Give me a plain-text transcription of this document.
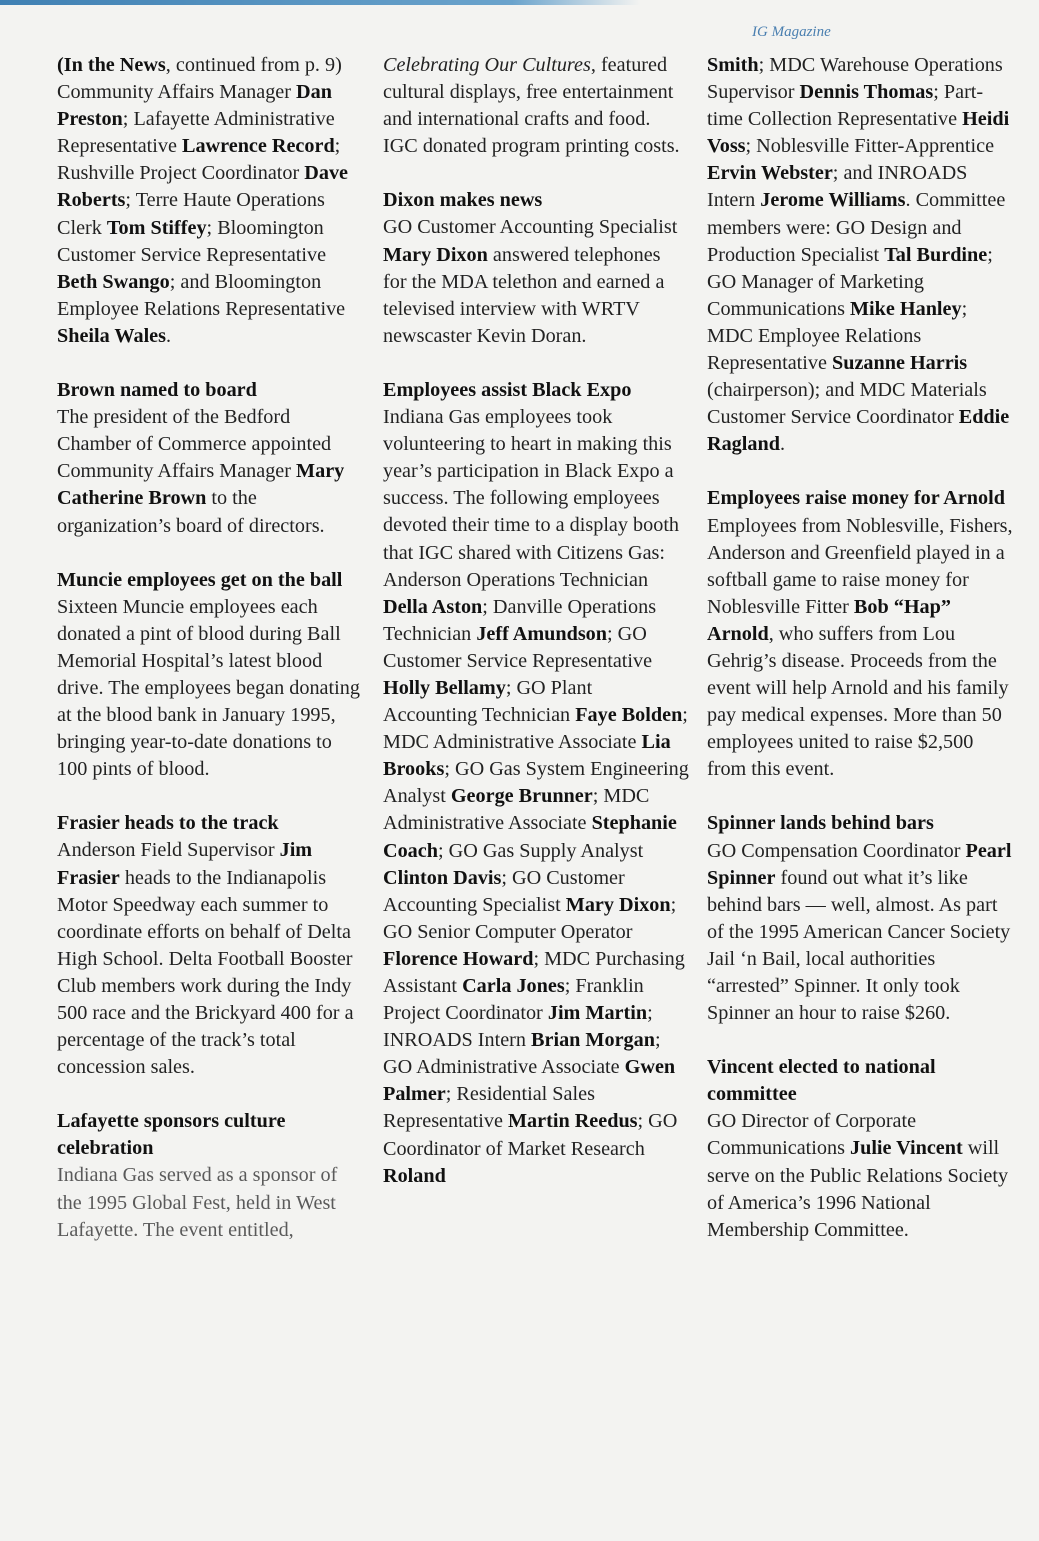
IG Magazine

(In the News, continued from p. 9) Community Affairs Manager Dan Preston; Lafayette Administrative Representative Lawrence Record; Rushville Project Coordinator Dave Roberts; Terre Haute Operations Clerk Tom Stiffey; Bloomington Customer Service Representative Beth Swango; and Bloomington Employee Relations Representative Sheila Wales.

Brown named to board
The president of the Bedford Chamber of Commerce appointed Community Affairs Manager Mary Catherine Brown to the organization’s board of directors.
Muncie employees get on the ball
Sixteen Muncie employees each donated a pint of blood during Ball Memorial Hospital’s latest blood drive. The employees began donating at the blood bank in January 1995, bringing year-to-date donations to 100 pints of blood.
Frasier heads to the track
Anderson Field Supervisor Jim Frasier heads to the Indianapolis Motor Speedway each summer to coordinate efforts on behalf of Delta High School. Delta Football Booster Club members work during the Indy 500 race and the Brickyard 400 for a percentage of the track’s total concession sales.
Lafayette sponsors culture celebration
Indiana Gas served as a sponsor of the 1995 Global Fest, held in West Lafayette. The event entitled,

Celebrating Our Cultures, featured cultural displays, free entertainment and international crafts and food. IGC donated program printing costs.

Dixon makes news
GO Customer Accounting Specialist Mary Dixon answered telephones for the MDA telethon and earned a televised interview with WRTV newscaster Kevin Doran.
Employees assist Black Expo
Indiana Gas employees took volunteering to heart in making this year’s participation in Black Expo a success. The following employees devoted their time to a display booth that IGC shared with Citizens Gas: Anderson Operations Technician Della Aston; Danville Operations Technician Jeff Amundson; GO Customer Service Representative Holly Bellamy; GO Plant Accounting Technician Faye Bolden; MDC Administrative Associate Lia Brooks; GO Gas System Engineering Analyst George Brunner; MDC Administrative Associate Stephanie Coach; GO Gas Supply Analyst Clinton Davis; GO Customer Accounting Specialist Mary Dixon; GO Senior Computer Operator Florence Howard; MDC Purchasing Assistant Carla Jones; Franklin Project Coordinator Jim Martin; INROADS Intern Brian Morgan; GO Administrative Associate Gwen Palmer; Residential Sales Representative Martin Reedus; GO Coordinator of Market Research Roland

Smith; MDC Warehouse Operations Supervisor Dennis Thomas; Part-time Collection Representative Heidi Voss; Noblesville Fitter-Apprentice Ervin Webster; and INROADS Intern Jerome Williams. Committee members were: GO Design and Production Specialist Tal Burdine; GO Manager of Marketing Communications Mike Hanley; MDC Employee Relations Representative Suzanne Harris (chairperson); and MDC Materials Customer Service Coordinator Eddie Ragland.

Employees raise money for Arnold
Employees from Noblesville, Fishers, Anderson and Greenfield played in a softball game to raise money for Noblesville Fitter Bob “Hap” Arnold, who suffers from Lou Gehrig’s disease. Proceeds from the event will help Arnold and his family pay medical expenses. More than 50 employees united to raise $2,500 from this event.
Spinner lands behind bars
GO Compensation Coordinator Pearl Spinner found out what it’s like behind bars — well, almost. As part of the 1995 American Cancer Society Jail ‘n Bail, local authorities “arrested” Spinner. It only took Spinner an hour to raise $260.
Vincent elected to national committee
GO Director of Corporate Communications Julie Vincent will serve on the Public Relations Society of America’s 1996 National Membership Committee.
